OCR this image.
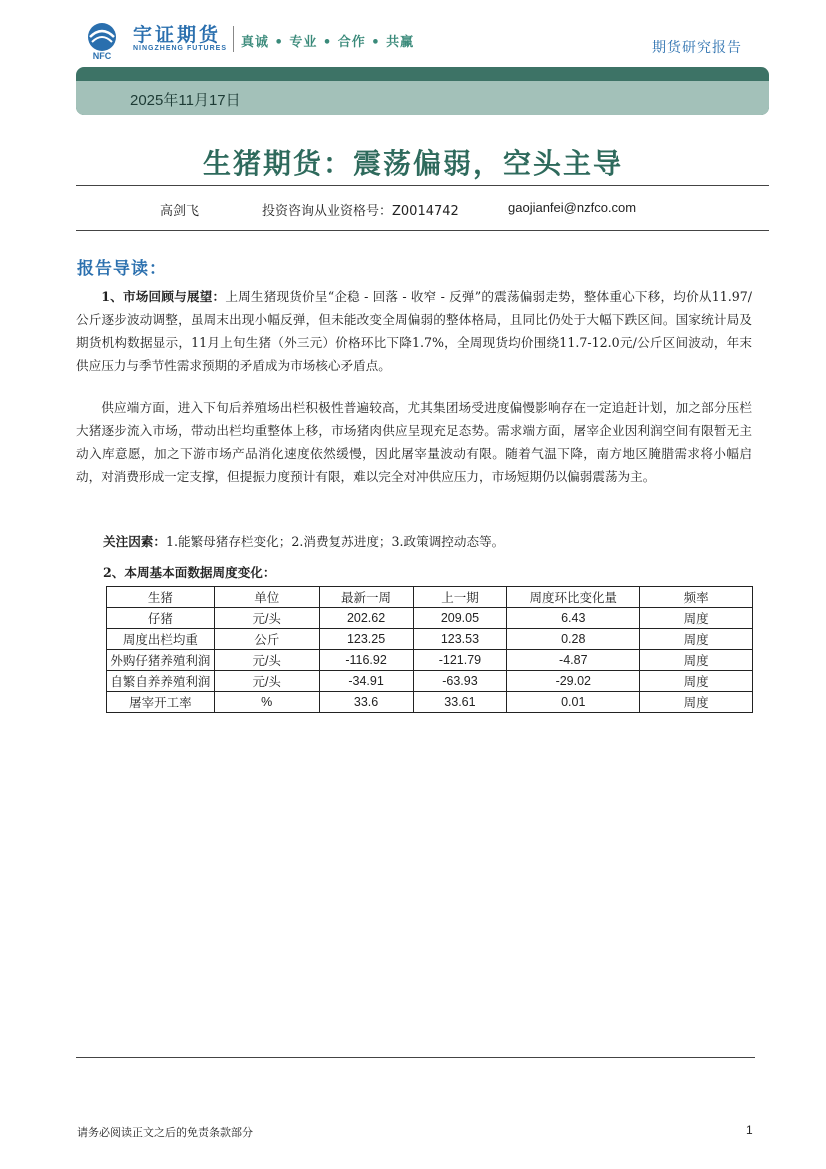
NFC
宇证期货
NINGZHENG FUTURES 真诚 • 专业 • 合作 • 共赢	期货研究报告
2025年11月17日
生猪期货：震荡偏弱，空头主导
高剑飞	投资咨询从业资格号：Z0014742	gaojianfei@nzfco.com
报告导读：
1、市场回顾与展望：上周生猪现货价呈“企稳 - 回落 - 收窄 - 反弹”的震荡偏弱走势，整体重心下移，均价从11.97/公斤逐步波动调整，虽周末出现小幅反弹，但未能改变全周偏弱的整体格局，且同比仍处于大幅下跌区间。国家统计局及期货机构数据显示，11月上旬生猪（外三元）价格环比下降1.7%，全周现货均价围绕11.7-12.0元/公斤区间波动，年末供应压力与季节性需求预期的矛盾成为市场核心矛盾点。
供应端方面，进入下旬后养殖场出栏积极性普遍较高，尤其集团场受进度偏慢影响存在一定追赶计划，加之部分压栏大猪逐步流入市场，带动出栏均重整体上移，市场猪肉供应呈现充足态势。需求端方面，屠宰企业因利润空间有限暂无主动入库意愿，加之下游市场产品消化速度依然缓慢，因此屠宰量波动有限。随着气温下降，南方地区腌腊需求将小幅启动，对消费形成一定支撑，但提振力度预计有限，难以完全对冲供应压力，市场短期仍以偏弱震荡为主。
关注因素：1.能繁母猪存栏变化；2.消费复苏进度；3.政策调控动态等。
2、本周基本面数据周度变化：
生猪	单位	最新一周	上一期	周度环比变化量	频率
仔猪	元/头	202.62	209.05	6.43	周度
周度出栏均重	公斤	123.25	123.53	0.28	周度
外购仔猪养殖利润	元/头	-116.92	-121.79	-4.87	周度
自繁自养养殖利润	元/头	-34.91	-63.93	-29.02	周度
屠宰开工率	%	33.6	33.61	0.01	周度
请务必阅读正文之后的免责条款部分	1
